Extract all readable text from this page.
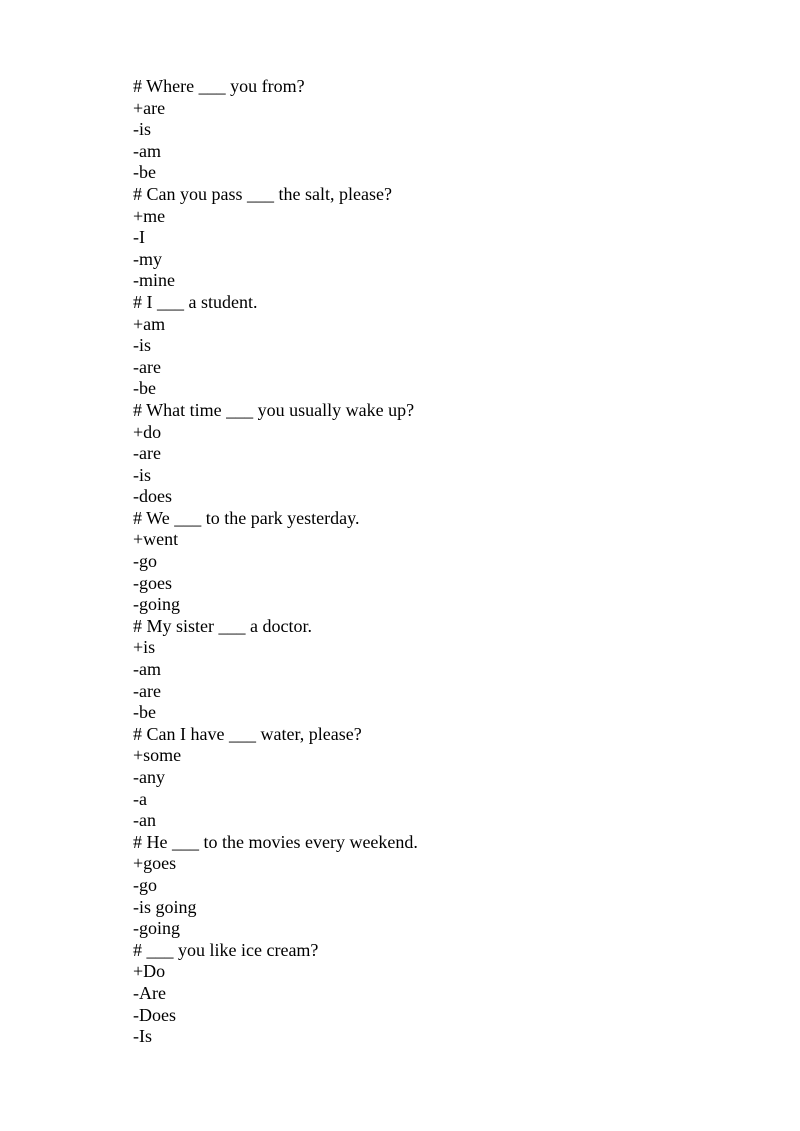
# Where ___ you from?
+are
-is
-am
-be
# Can you pass ___ the salt, please?
+me
-I
-my
-mine
# I ___ a student.
+am
-is
-are
-be
# What time ___ you usually wake up?
+do
-are
-is
-does
# We ___ to the park yesterday.
+went
-go
-goes
-going
# My sister ___ a doctor.
+is
-am
-are
-be
# Can I have ___ water, please?
+some
-any
-a
-an
# He ___ to the movies every weekend.
+goes
-go
-is going
-going
# ___ you like ice cream?
+Do
-Are
-Does
-Is
